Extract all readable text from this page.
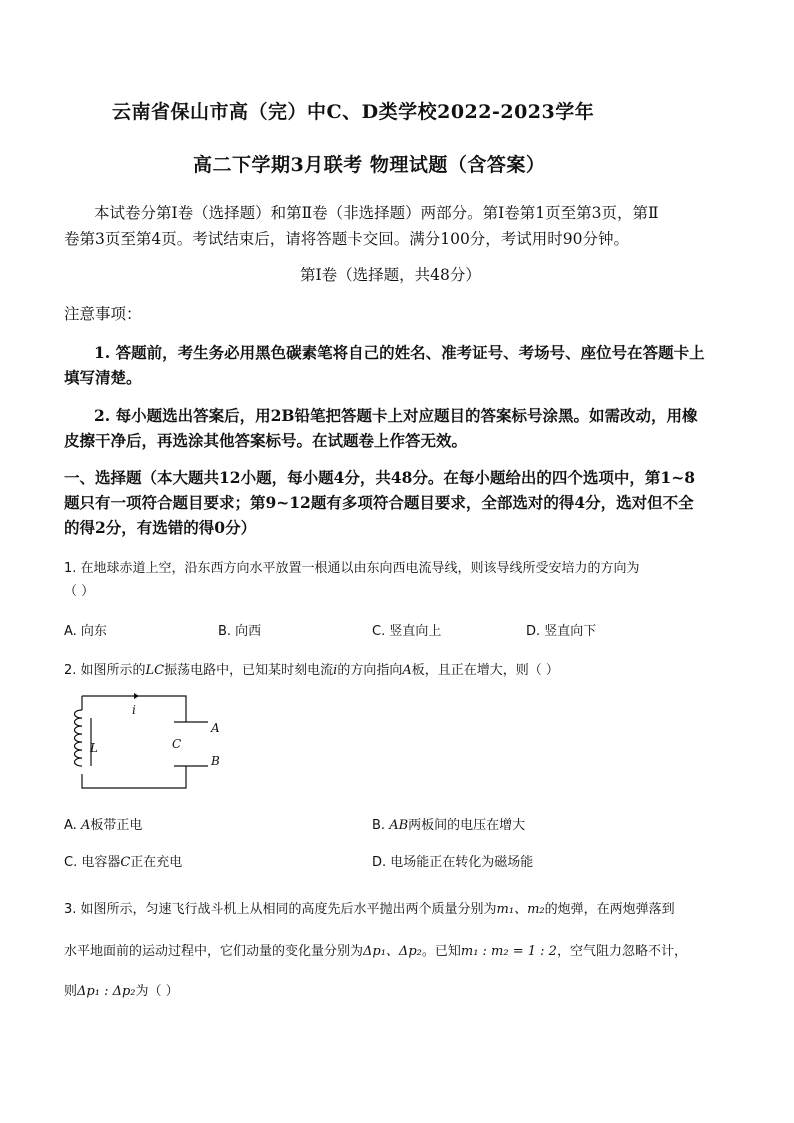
云南省保山市高（完）中C、D类学校2022-2023学年
高二下学期3月联考 物理试题（含答案）
本试卷分第Ⅰ卷（选择题）和第Ⅱ卷（非选择题）两部分。第Ⅰ卷第1页至第3页，第Ⅱ
卷第3页至第4页。考试结束后，请将答题卡交回。满分100分，考试用时90分钟。
第Ⅰ卷（选择题，共48分）
注意事项：
1. 答题前，考生务必用黑色碳素笔将自己的姓名、准考证号、考场号、座位号在答题卡上
填写清楚。
2. 每小题选出答案后，用2B铅笔把答题卡上对应题目的答案标号涂黑。如需改动，用橡
皮擦干净后，再选涂其他答案标号。在试题卷上作答无效。
一、选择题（本大题共12小题，每小题4分，共48分。在每小题给出的四个选项中，第1~8
题只有一项符合题目要求；第9~12题有多项符合题目要求，全部选对的得4分，选对但不全
的得2分，有选错的得0分）
1. 在地球赤道上空，沿东西方向水平放置一根通以由东向西电流导线，则该导线所受安培力的方向为
（ ）
A. 向东	B. 向西	C. 竖直向上	D. 竖直向下
2. 如图所示的LC振荡电路中，已知某时刻电流i的方向指向A板，且正在增大，则（ ）
i
L	C
A
B
A. A板带正电	B. AB两板间的电压在增大
C. 电容器C正在充电	D. 电场能正在转化为磁场能
3. 如图所示，匀速飞行战斗机上从相同的高度先后水平抛出两个质量分别为m₁、m₂的炮弹，在两炮弹落到
水平地面前的运动过程中，它们动量的变化量分别为Δp₁、Δp₂。已知m₁ : m₂ = 1 : 2，空气阻力忽略不计，
则Δp₁ : Δp₂为（ ）
